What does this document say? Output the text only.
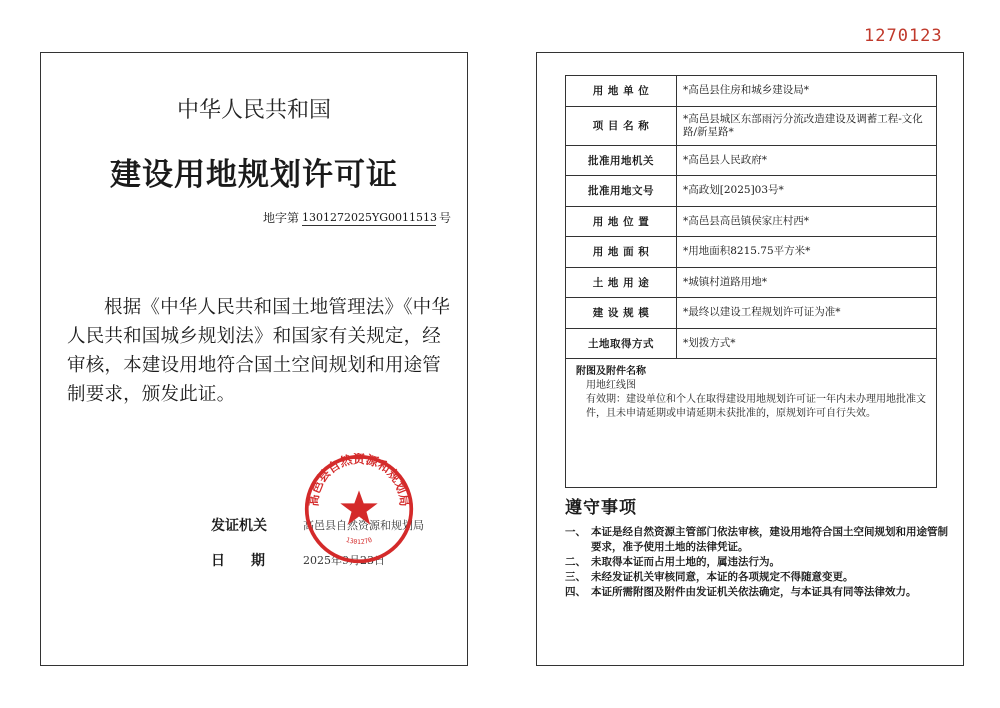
1270123
中华人民共和国
建设用地规划许可证
地字第 1301272025YG0011513 号
根据《中华人民共和国土地管理法》《中华人民共和国城乡规划法》和国家有关规定，经审核，本建设用地符合国土空间规划和用途管制要求，颁发此证。
发证机关	高邑县自然资源和规划局
日期	2025年9月23日
高邑县自然资源和规划局
1301270
用 地 单 位	*高邑县住房和城乡建设局*
项 目 名 称	*高邑县城区东部雨污分流改造建设及调蓄工程-文化路/新星路*
批准用地机关	*高邑县人民政府*
批准用地文号	*高政划[2025]03号*
用 地 位 置	*高邑县高邑镇侯家庄村西*
用 地 面 积	*用地面积8215.75平方米*
土 地 用 途	*城镇村道路用地*
建 设 规 模	*最终以建设工程规划许可证为准*
土地取得方式	*划拨方式*

附图及附件名称
用地红线图
有效期：建设单位和个人在取得建设用地规划许可证一年内未办理用地批准文件，且未申请延期或申请延期未获批准的，原规划许可自行失效。	
遵守事项
一、 本证是经自然资源主管部门依法审核，建设用地符合国土空间规划和用途管制要求，准予使用土地的法律凭证。
二、 未取得本证而占用土地的，属违法行为。
三、 未经发证机关审核同意，本证的各项规定不得随意变更。
四、 本证所需附图及附件由发证机关依法确定，与本证具有同等法律效力。
